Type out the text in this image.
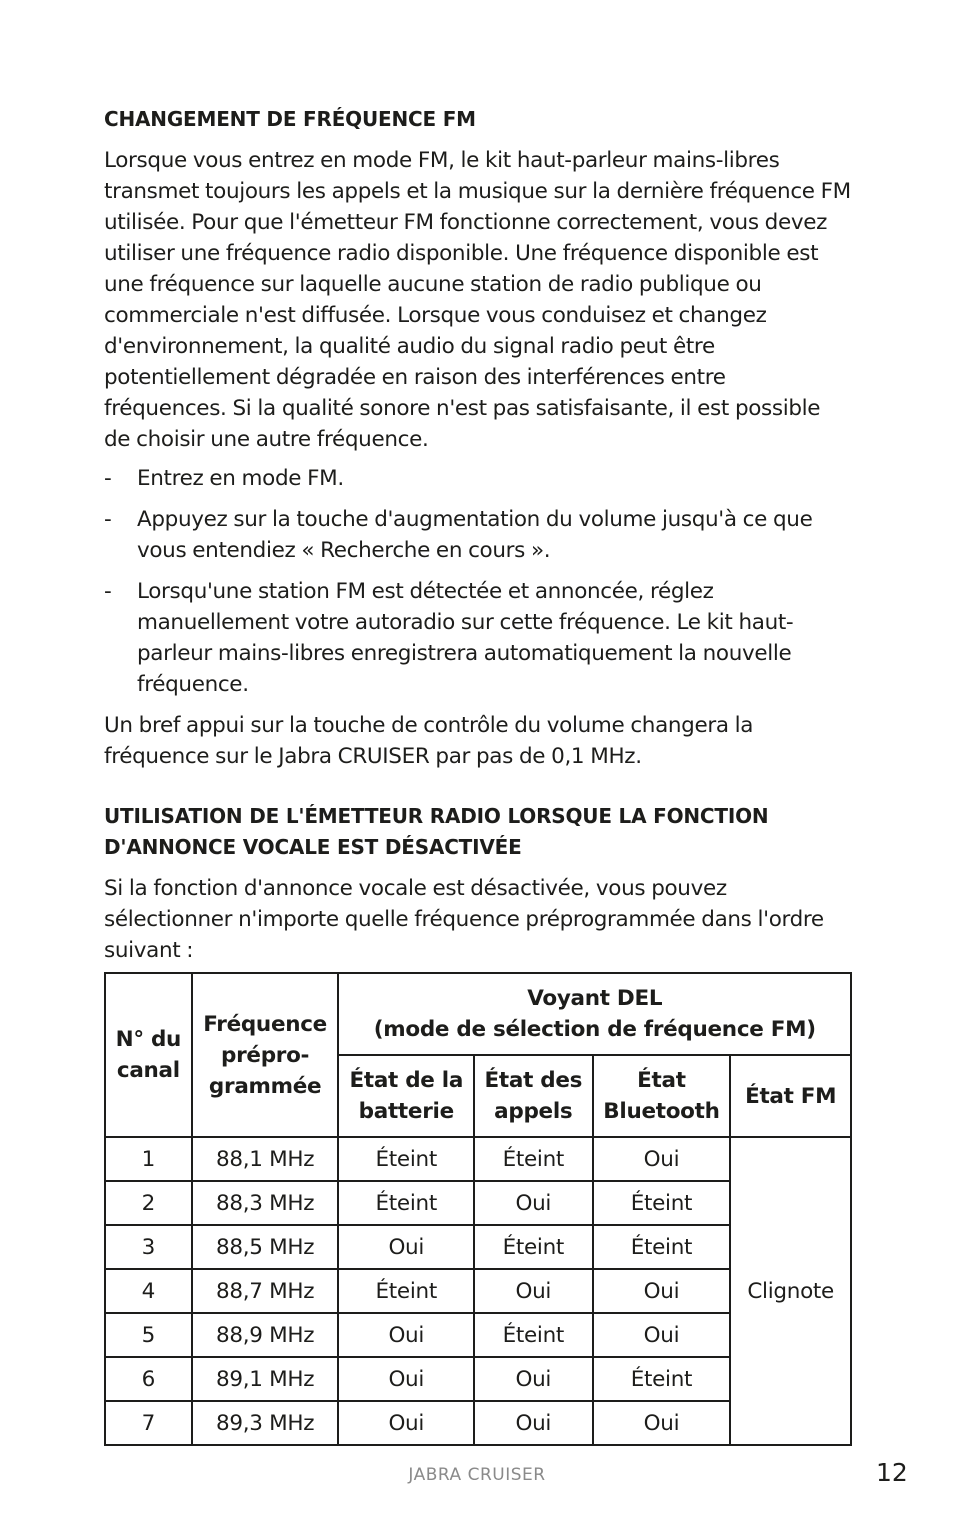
CHANGEMENT DE FRÉQUENCE FM

Lorsque vous entrez en mode FM, le kit haut-parleur mains-libres transmet toujours les appels et la musique sur la dernière fréquence FM utilisée. Pour que l'émetteur FM fonctionne correctement, vous devez utiliser une fréquence radio disponible. Une fréquence disponible est une fréquence sur laquelle aucune station de radio publique ou commerciale n'est diffusée. Lorsque vous conduisez et changez d'environnement, la qualité audio du signal radio peut être potentiellement dégradée en raison des interférences entre fréquences. Si la qualité sonore n'est pas satisfaisante, il est possible de choisir une autre fréquence.

- Entrez en mode FM.
- Appuyez sur la touche d'augmentation du volume jusqu'à ce que vous entendiez « Recherche en cours ».
- Lorsqu'une station FM est détectée et annoncée, réglez manuellement votre autoradio sur cette fréquence. Le kit haut-parleur mains-libres enregistrera automatiquement la nouvelle fréquence.

Un bref appui sur la touche de contrôle du volume changera la fréquence sur le Jabra CRUISER par pas de 0,1 MHz.

UTILISATION DE L'ÉMETTEUR RADIO LORSQUE LA FONCTION D'ANNONCE VOCALE EST DÉSACTIVÉE

Si la fonction d'annonce vocale est désactivée, vous pouvez sélectionner n'importe quelle fréquence préprogrammée dans l'ordre suivant :

N° du canal	Fréquence prépro-grammée	Voyant DEL
(mode de sélection de fréquence FM)			

		État de la batterie	État des appels	État Bluetooth	État FM
1	88,1 MHz	Éteint	Éteint	Oui	Clignote
2	88,3 MHz	Éteint	Oui	Éteint	
3	88,5 MHz	Oui	Éteint	Éteint	
4	88,7 MHz	Éteint	Oui	Oui	
5	88,9 MHz	Oui	Éteint	Oui	
6	89,1 MHz	Oui	Oui	Éteint	
7	89,3 MHz	Oui	Oui	Oui	
JABRA CRUISER	12
